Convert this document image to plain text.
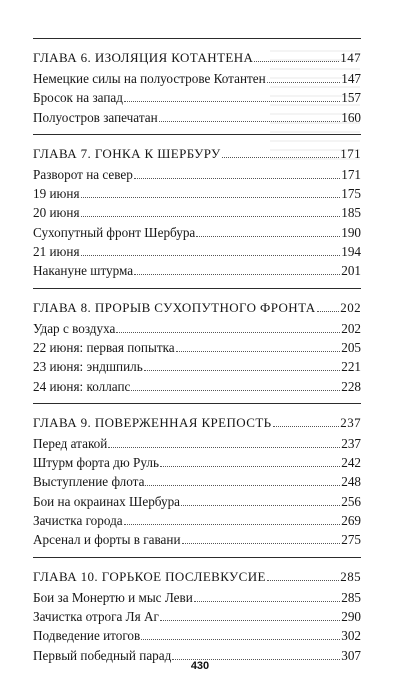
ГЛАВА 6. ИЗОЛЯЦИЯ КОТАНТЕНА	147
Немецкие силы на полуострове Котантен	147
Бросок на запад	157
Полуостров запечатан	160
ГЛАВА 7. ГОНКА К ШЕРБУРУ	171
Разворот на север	171
19 июня	175
20 июня	185
Сухопутный фронт Шербура	190
21 июня	194
Накануне штурма	201
ГЛАВА 8. ПРОРЫВ СУХОПУТНОГО ФРОНТА 202
Удар с воздуха	202
22 июня: первая попытка	205
23 июня: эндшпиль	221
24 июня: коллапс	228
ГЛАВА 9. ПОВЕРЖЕННАЯ КРЕПОСТЬ	237
Перед атакой	237
Штурм форта дю Руль	242
Выступление флота	248
Бои на окраинах Шербура	256
Зачистка города	269
Арсенал и форты в гавани	275
ГЛАВА 10. ГОРЬКОЕ ПОСЛЕВКУСИЕ	285
Бои за Монертю и мыс Леви	285
Зачистка отрога Ля Аг	290
Подведение итогов	302
Первый победный парад	307
430
